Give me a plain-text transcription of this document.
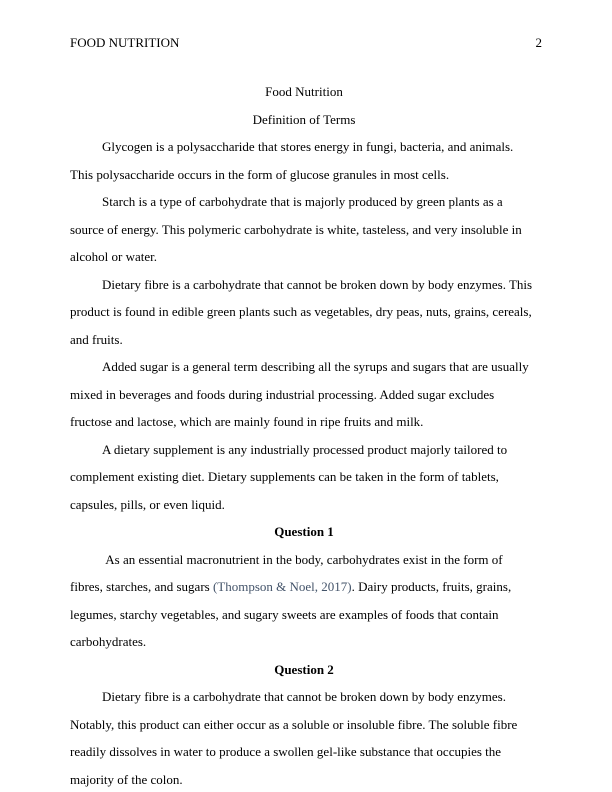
FOOD NUTRITION	2
Food Nutrition
Definition of Terms

Glycogen is a polysaccharide that stores energy in fungi, bacteria, and animals. This polysaccharide occurs in the form of glucose granules in most cells.

Starch is a type of carbohydrate that is majorly produced by green plants as a source of energy. This polymeric carbohydrate is white, tasteless, and very insoluble in alcohol or water.

Dietary fibre is a carbohydrate that cannot be broken down by body enzymes. This product is found in edible green plants such as vegetables, dry peas, nuts, grains, cereals, and fruits.

Added sugar is a general term describing all the syrups and sugars that are usually mixed in beverages and foods during industrial processing. Added sugar excludes fructose and lactose, which are mainly found in ripe fruits and milk.

A dietary supplement is any industrially processed product majorly tailored to complement existing diet. Dietary supplements can be taken in the form of tablets, capsules, pills, or even liquid.

Question 1

As an essential macronutrient in the body, carbohydrates exist in the form of fibres, starches, and sugars (Thompson & Noel, 2017). Dairy products, fruits, grains, legumes, starchy vegetables, and sugary sweets are examples of foods that contain carbohydrates.

Question 2

Dietary fibre is a carbohydrate that cannot be broken down by body enzymes. Notably, this product can either occur as a soluble or insoluble fibre. The soluble fibre readily dissolves in water to produce a swollen gel-like substance that occupies the majority of the colon.
